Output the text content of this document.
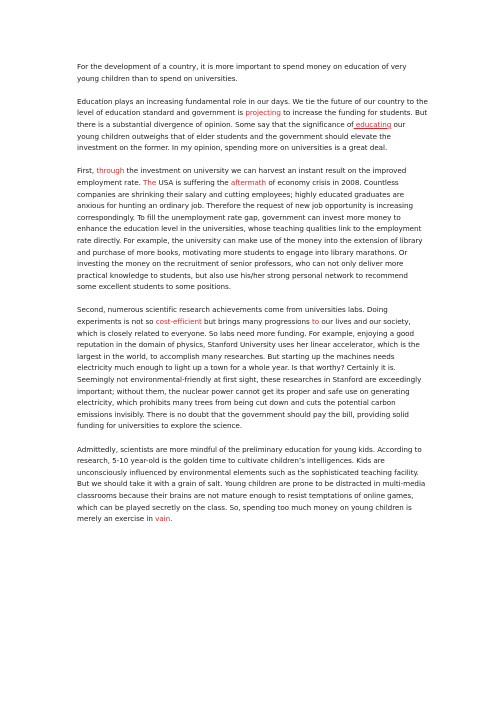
For the development of a country, it is more important to spend money on education of very young children than to spend on universities.
Education plays an increasing fundamental role in our days. We tie the future of our country to the level of education standard and government is projecting to increase the funding for students. But there is a substantial divergence of opinion. Some say that the significance of educating our young children outweighs that of elder students and the government should elevate the investment on the former. In my opinion, spending more on universities is a great deal.
First, through the investment on university we can harvest an instant result on the improved employment rate. The USA is suffering the aftermath of economy crisis in 2008. Countless companies are shrinking their salary and cutting employees; highly educated graduates are anxious for hunting an ordinary job. Therefore the request of new job opportunity is increasing correspondingly. To fill the unemployment rate gap, government can invest more money to enhance the education level in the universities, whose teaching qualities link to the employment rate directly. For example, the university can make use of the money into the extension of library and purchase of more books, motivating more students to engage into library marathons. Or investing the money on the recruitment of senior professors, who can not only deliver more practical knowledge to students, but also use his/her strong personal network to recommend some excellent students to some positions.
Second, numerous scientific research achievements come from universities labs. Doing experiments is not so cost-efficient but brings many progressions to our lives and our society, which is closely related to everyone. So labs need more funding. For example, enjoying a good reputation in the domain of physics, Stanford University uses her linear accelerator, which is the largest in the world, to accomplish many researches. But starting up the machines needs electricity much enough to light up a town for a whole year. Is that worthy? Certainly it is. Seemingly not environmental-friendly at first sight, these researches in Stanford are exceedingly important; without them, the nuclear power cannot get its proper and safe use on generating electricity, which prohibits many trees from being cut down and cuts the potential carbon emissions invisibly. There is no doubt that the government should pay the bill, providing solid funding for universities to explore the science.
Admittedly, scientists are more mindful of the preliminary education for young kids. According to research, 5-10 year-old is the golden time to cultivate children’s intelligences. Kids are unconsciously influenced by environmental elements such as the sophisticated teaching facility. But we should take it with a grain of salt. Young children are prone to be distracted in multi-media classrooms because their brains are not mature enough to resist temptations of online games, which can be played secretly on the class. So, spending too much money on young children is merely an exercise in vain.
